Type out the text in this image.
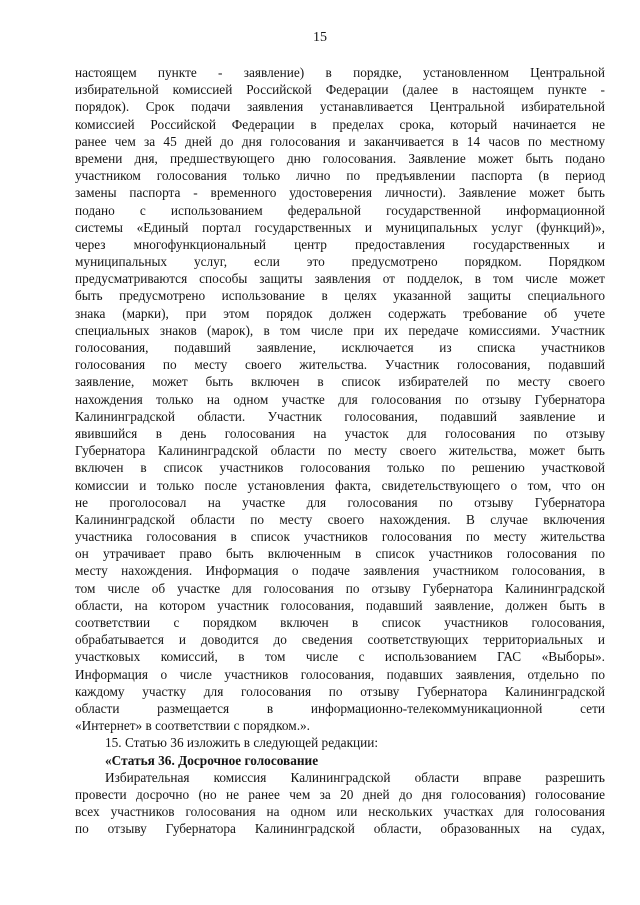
15
настоящем пункте - заявление) в порядке, установленном Центральной
избирательной комиссией Российской Федерации (далее в настоящем пункте -
порядок). Срок подачи заявления устанавливается Центральной избирательной
комиссией Российской Федерации в пределах срока, который начинается не
ранее чем за 45 дней до дня голосования и заканчивается в 14 часов по местному
времени дня, предшествующего дню голосования. Заявление может быть подано
участником голосования только лично по предъявлении паспорта (в период
замены паспорта - временного удостоверения личности). Заявление может быть
подано с использованием федеральной государственной информационной
системы «Единый портал государственных и муниципальных услуг (функций)»,
через многофункциональный центр предоставления государственных и
муниципальных услуг, если это предусмотрено порядком. Порядком
предусматриваются способы защиты заявления от подделок, в том числе может
быть предусмотрено использование в целях указанной защиты специального
знака (марки), при этом порядок должен содержать требование об учете
специальных знаков (марок), в том числе при их передаче комиссиями. Участник
голосования, подавший заявление, исключается из списка участников
голосования по месту своего жительства. Участник голосования, подавший
заявление, может быть включен в список избирателей по месту своего
нахождения только на одном участке для голосования по отзыву Губернатора
Калининградской области. Участник голосования, подавший заявление и
явившийся в день голосования на участок для голосования по отзыву
Губернатора Калининградской области по месту своего жительства, может быть
включен в список участников голосования только по решению участковой
комиссии и только после установления факта, свидетельствующего о том, что он
не проголосовал на участке для голосования по отзыву Губернатора
Калининградской области по месту своего нахождения. В случае включения
участника голосования в список участников голосования по месту жительства
он утрачивает право быть включенным в список участников голосования по
месту нахождения. Информация о подаче заявления участником голосования, в
том числе об участке для голосования по отзыву Губернатора Калининградской
области, на котором участник голосования, подавший заявление, должен быть в
соответствии с порядком включен в список участников голосования,
обрабатывается и доводится до сведения соответствующих территориальных и
участковых комиссий, в том числе с использованием ГАС «Выборы».
Информация о числе участников голосования, подавших заявления, отдельно по
каждому участку для голосования по отзыву Губернатора Калининградской
области размещается в информационно-телекоммуникационной сети
«Интернет» в соответствии с порядком.».
15. Статью 36 изложить в следующей редакции:
«Статья 36. Досрочное голосование
Избирательная комиссия Калининградской области вправе разрешить
провести досрочно (но не ранее чем за 20 дней до дня голосования) голосование
всех участников голосования на одном или нескольких участках для голосования
по отзыву Губернатора Калининградской области, образованных на судах,
